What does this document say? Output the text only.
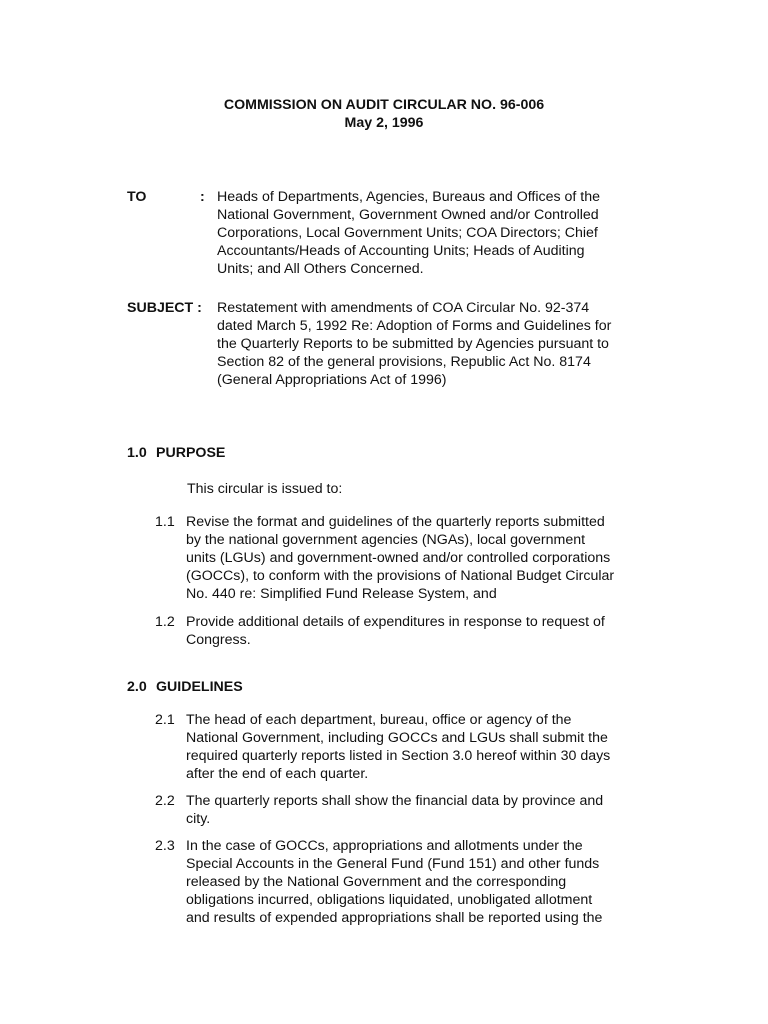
COMMISSION ON AUDIT CIRCULAR NO. 96-006
May 2, 1996
TO	: Heads of Departments, Agencies, Bureaus and Offices of the
National Government, Government Owned and/or Controlled
Corporations, Local Government Units; COA Directors; Chief
Accountants/Heads of Accounting Units; Heads of Auditing
Units; and All Others Concerned.
SUBJECT : Restatement with amendments of COA Circular No. 92-374
dated March 5, 1992 Re: Adoption of Forms and Guidelines for
the Quarterly Reports to be submitted by Agencies pursuant to
Section 82 of the general provisions, Republic Act No. 8174
(General Appropriations Act of 1996)
1.0 PURPOSE
This circular is issued to:
1.1 Revise the format and guidelines of the quarterly reports submitted
by the national government agencies (NGAs), local government
units (LGUs) and government-owned and/or controlled corporations
(GOCCs), to conform with the provisions of National Budget Circular
No. 440 re: Simplified Fund Release System, and
1.2 Provide additional details of expenditures in response to request of
Congress.
2.0 GUIDELINES
2.1 The head of each department, bureau, office or agency of the
National Government, including GOCCs and LGUs shall submit the
required quarterly reports listed in Section 3.0 hereof within 30 days
after the end of each quarter.
2.2 The quarterly reports shall show the financial data by province and
city.
2.3 In the case of GOCCs, appropriations and allotments under the
Special Accounts in the General Fund (Fund 151) and other funds
released by the National Government and the corresponding
obligations incurred, obligations liquidated, unobligated allotment
and results of expended appropriations shall be reported using the
